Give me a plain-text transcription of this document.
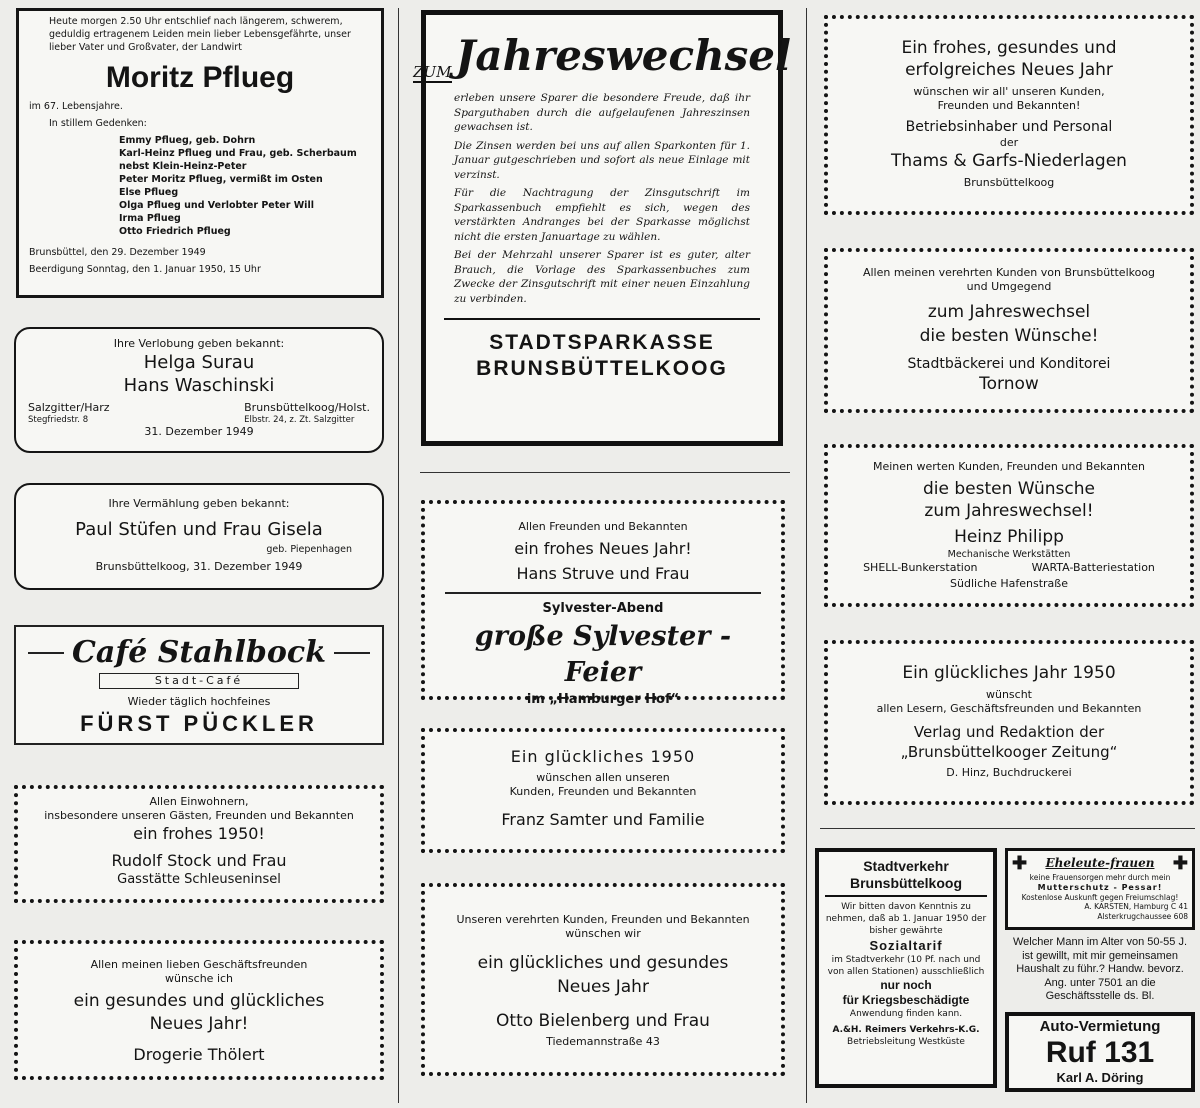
Heute morgen 2.50 Uhr entschlief nach längerem, schwerem, geduldig ertragenem Leiden mein lieber Lebensgefährte, unser lieber Vater und Großvater, der Landwirt
Moritz Pflueg
im 67. Lebensjahre.
In stillem Gedenken:
Emmy Pflueg, geb. Dohrn
Karl-Heinz Pflueg und Frau, geb. Scherbaum
nebst Klein-Heinz-Peter
Peter Moritz Pflueg, vermißt im Osten
Else Pflueg
Olga Pflueg und Verlobter Peter Will
Irma Pflueg
Otto Friedrich Pflueg
Brunsbüttel, den 29. Dezember 1949
Beerdigung Sonntag, den 1. Januar 1950, 15 Uhr
Ihre Verlobung geben bekannt:
Helga Surau
Hans Waschinski
Salzgitter/Harz
Stegfriedstr. 8
Brunsbüttelkoog/Holst.
Elbstr. 24, z. Zt. Salzgitter
31. Dezember 1949
Ihre Vermählung geben bekannt:
Paul Stüfen und Frau Gisela
geb. Piepenhagen
Brunsbüttelkoog, 31. Dezember 1949
Café Stahlbock
Stadt-Café
Wieder täglich hochfeines
FÜRST PÜCKLER
Allen Einwohnern,
insbesondere unseren Gästen, Freunden und Bekannten
ein frohes 1950!
Rudolf Stock und Frau
Gasstätte Schleuseninsel
Allen meinen lieben Geschäftsfreunden
wünsche ich
ein gesundes und glückliches
Neues Jahr!
Drogerie Thölert
ZUM Jahreswechsel

erleben unsere Sparer die besondere Freude, daß ihr Sparguthaben durch die aufgelaufenen Jahreszinsen gewachsen ist.

Die Zinsen werden bei uns auf allen Sparkonten für 1. Januar gutgeschrieben und sofort als neue Einlage mit verzinst.

Für die Nachtragung der Zinsgutschrift im Sparkassenbuch empfiehlt es sich, wegen des verstärkten Andranges bei der Sparkasse möglichst nicht die ersten Januartage zu wählen.

Bei der Mehrzahl unserer Sparer ist es guter, alter Brauch, die Vorlage des Sparkassenbuches zum Zwecke der Zinsgutschrift mit einer neuen Einzahlung zu verbinden.

STADTSPARKASSE
BRUNSBÜTTELKOOG
Allen Freunden und Bekannten
ein frohes Neues Jahr!
Hans Struve und Frau
Sylvester-Abend
große Sylvester - Feier
im „Hamburger Hof“
Ein glückliches 1950
wünschen allen unseren
Kunden, Freunden und Bekannten
Franz Samter und Familie
Unseren verehrten Kunden, Freunden und Bekannten
wünschen wir
ein glückliches und gesundes
Neues Jahr
Otto Bielenberg und Frau
Tiedemannstraße 43
Ein frohes, gesundes und
erfolgreiches Neues Jahr
wünschen wir all' unseren Kunden,
Freunden und Bekannten!
Betriebsinhaber und Personal
der
Thams & Garfs-Niederlagen
Brunsbüttelkoog
Allen meinen verehrten Kunden von Brunsbüttelkoog
und Umgegend
zum Jahreswechsel
die besten Wünsche!
Stadtbäckerei und Konditorei
Tornow
Meinen werten Kunden, Freunden und Bekannten
die besten Wünsche
zum Jahreswechsel!
Heinz Philipp
Mechanische Werkstätten
SHELL-Bunkerstation	WARTA-Batteriestation
Südliche Hafenstraße
Ein glückliches Jahr 1950
wünscht
allen Lesern, Geschäftsfreunden und Bekannten
Verlag und Redaktion der
„Brunsbüttelkooger Zeitung“
D. Hinz, Buchdruckerei
Stadtverkehr
Brunsbüttelkoog
Wir bitten davon Kenntnis zu nehmen, daß ab 1. Januar 1950 der bisher gewährte
Sozialtarif
im Stadtverkehr (10 Pf. nach und von allen Stationen) ausschließlich
nur noch
für Kriegsbeschädigte
Anwendung finden kann.
A.&H. Reimers Verkehrs-K.G.
Betriebsleitung Westküste
✚ Eheleute-frauen ✚
keine Frauensorgen mehr durch mein
Mutterschutz - Pessar!
Kostenlose Auskunft gegen Freiumschlag!
A. KARSTEN, Hamburg C 41
Alsterkrugchaussee 608
Welcher Mann im Alter von 50-55 J. ist gewillt, mit mir gemeinsamen Haushalt zu führ.? Handw. bevorz. Ang. unter 7501 an die Geschäftsstelle ds. Bl.
Auto-Vermietung
Ruf 131
Karl A. Döring
